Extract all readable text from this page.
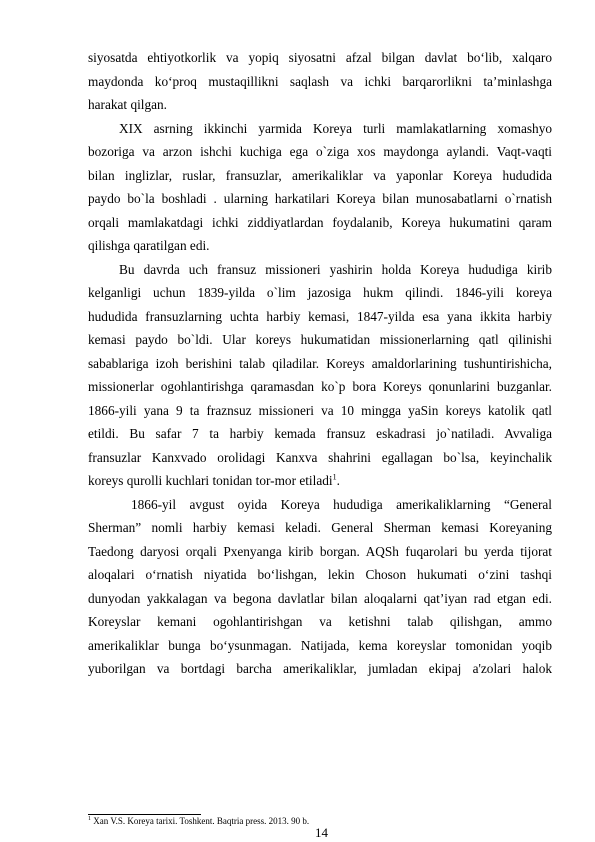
siyosatda ehtiyotkorlik va yopiq siyosatni afzal bilgan davlat bo‘lib, xalqaro
maydonda ko‘proq mustaqillikni saqlash va ichki barqarorlikni ta’minlashga
harakat qilgan.
XIX asrning ikkinchi yarmida Koreya turli mamlakatlarning xomashyo
bozoriga va arzon ishchi kuchiga ega o`ziga xos maydonga aylandi. Vaqt-vaqti
bilan inglizlar, ruslar, fransuzlar, amerikaliklar va yaponlar Koreya hududida
paydo bo`la boshladi . ularning harkatilari Koreya bilan munosabatlarni o`rnatish
orqali mamlakatdagi ichki ziddiyatlardan foydalanib, Koreya hukumatini qaram
qilishga qaratilgan edi.
Bu davrda uch fransuz missioneri yashirin holda Koreya hududiga kirib
kelganligi uchun 1839-yilda o`lim jazosiga hukm qilindi. 1846-yili koreya
hududida fransuzlarning uchta harbiy kemasi, 1847-yilda esa yana ikkita harbiy
kemasi paydo bo`ldi. Ular koreys hukumatidan missionerlarning qatl qilinishi
sabablariga izoh berishini talab qiladilar. Koreys amaldorlarining tushuntirishicha,
missionerlar ogohlantirishga qaramasdan ko`p bora Koreys qonunlarini buzganlar.
1866-yili yana 9 ta fraznsuz missioneri va 10 mingga yaSin koreys katolik qatl
etildi. Bu safar 7 ta harbiy kemada fransuz eskadrasi jo`natiladi. Avvaliga
fransuzlar Kanxvado orolidagi Kanxva shahrini egallagan bo`lsa, keyinchalik
koreys qurolli kuchlari tonidan tor-mor etiladi$^1$.
1866-yil avgust oyida Koreya hududiga amerikaliklarning “General
Sherman” nomli harbiy kemasi keladi. General Sherman kemasi Koreyaning
Taedong daryosi orqali Pxenyanga kirib borgan. AQSh fuqarolari bu yerda tijorat
aloqalari o‘rnatish niyatida bo‘lishgan, lekin Choson hukumati o‘zini tashqi
dunyodan yakkalagan va begona davlatlar bilan aloqalarni qat’iyan rad etgan edi.
Koreyslar kemani ogohlantirishgan va ketishni talab qilishgan, ammo
amerikaliklar bunga bo‘ysunmagan. Natijada, kema koreyslar tomonidan yoqib
yuborilgan va bortdagi barcha amerikaliklar, jumladan ekipaj a'zolari halok
$^1$ Xan V.S. Koreya tarixi. Toshkent. Baqtria press. 2013. 90 b.
14
